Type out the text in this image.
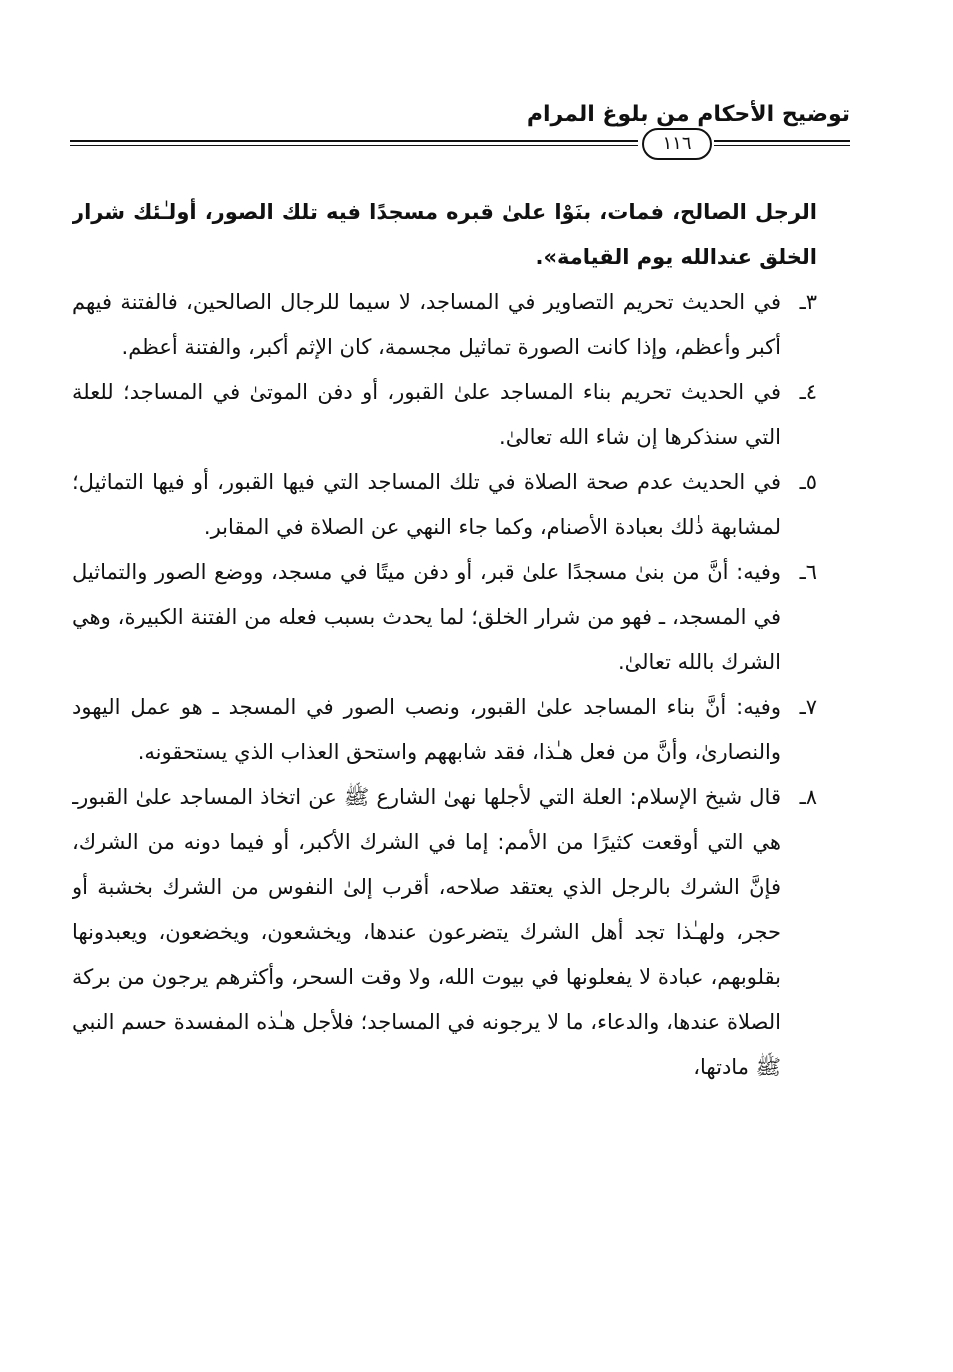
توضيح الأحكام من بلوغ المرام
١١٦

الرجل الصالح، فمات، بنَوْا علىٰ قبره مسجدًا فيه تلك الصور، أولـٰئك شرار الخلق عندالله يوم القيامة».

٣ـفي الحديث تحريم التصاوير في المساجد، لا سيما للرجال الصالحين، فالفتنة فيهم أكبر وأعظم، وإذا كانت الصورة تماثيل مجسمة، كان الإثم أكبر، والفتنة أعظم.

٤ـفي الحديث تحريم بناء المساجد علىٰ القبور، أو دفن الموتىٰ في المساجد؛ للعلة التي سنذكرها إن شاء الله تعالىٰ.

٥ـفي الحديث عدم صحة الصلاة في تلك المساجد التي فيها القبور، أو فيها التماثيل؛ لمشابهة ذٰلك بعبادة الأصنام، وكما جاء النهي عن الصلاة في المقابر.

٦ـوفيه: أنَّ من بنىٰ مسجدًا علىٰ قبر، أو دفن ميتًا في مسجد، ووضع الصور والتماثيل في المسجد، ـ فهو من شرار الخلق؛ لما يحدث بسبب فعله من الفتنة الكبيرة، وهي الشرك بالله تعالىٰ.

٧ـوفيه: أنَّ بناء المساجد علىٰ القبور، ونصب الصور في المسجد ـ هو عمل اليهود والنصارىٰ، وأنَّ من فعل هـٰذا، فقد شابههم واستحق العذاب الذي يستحقونه.

٨ـقال شيخ الإسلام: العلة التي لأجلها نهىٰ الشارع ﷺ عن اتخاذ المساجد علىٰ القبورـ هي التي أوقعت كثيرًا من الأمم: إما في الشرك الأكبر، أو فيما دونه من الشرك، فإنَّ الشرك بالرجل الذي يعتقد صلاحه، أقرب إلىٰ النفوس من الشرك بخشبة أو حجر، ولهـٰذا تجد أهل الشرك يتضرعون عندها، ويخشعون، ويخضعون، ويعبدونها بقلوبهم، عبادة لا يفعلونها في بيوت الله، ولا وقت السحر، وأكثرهم يرجون من بركة الصلاة عندها، والدعاء، ما لا يرجونه في المساجد؛ فلأجل هـٰذه المفسدة حسم النبي ﷺ مادتها،
